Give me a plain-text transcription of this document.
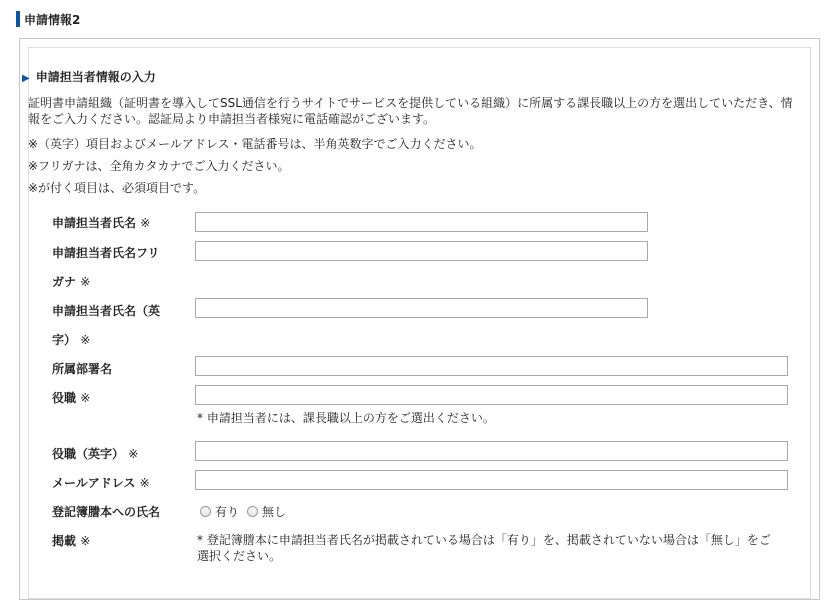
申請情報2
▶ 申請担当者情報の入力
証明書申請組織（証明書を導入してSSL通信を行うサイトでサービスを提供している組織）に所属する課長職以上の方を選出していただき、情報をご入力ください。認証局より申請担当者様宛に電話確認がございます。
※（英字）項目およびメールアドレス・電話番号は、半角英数字でご入力ください。
※フリガナは、全角カタカナでご入力ください。
※が付く項目は、必須項目です。
申請担当者氏名 ※
申請担当者氏名フリ
ガナ ※
申請担当者氏名（英
字） ※
所属部署名
役職 ※
* 申請担当者には、課長職以上の方をご選出ください。
役職（英字） ※
メールアドレス ※
登記簿謄本への氏名
掲載 ※
有り 無し
* 登記簿謄本に申請担当者氏名が掲載されている場合は「有り」を、掲載されていない場合は「無し」をご選択ください。
